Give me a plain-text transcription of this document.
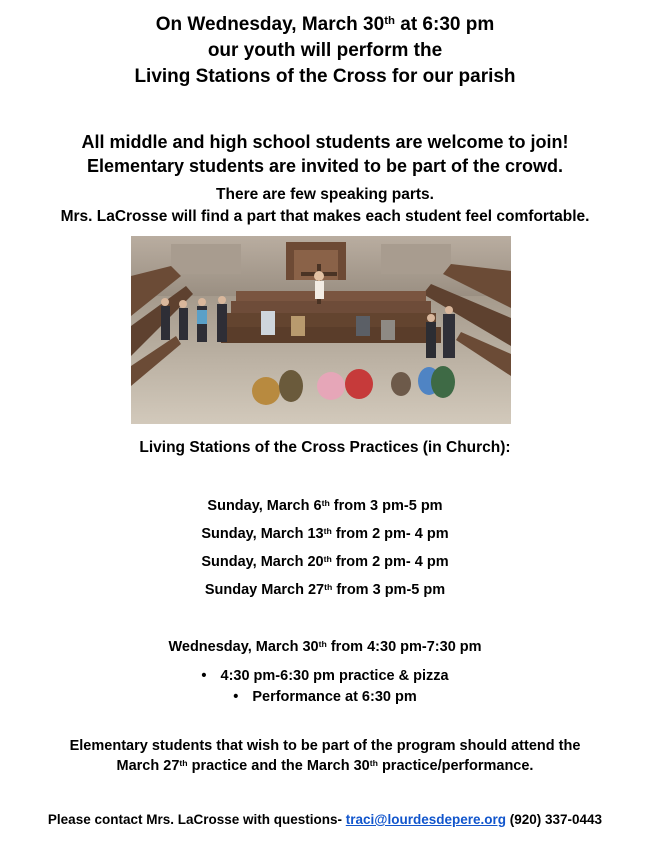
On Wednesday, March 30th at 6:30 pm
our youth will perform the
Living Stations of the Cross for our parish
All middle and high school students are welcome to join!
Elementary students are invited to be part of the crowd.
There are few speaking parts.
Mrs. LaCrosse will find a part that makes each student feel comfortable.
Living Stations of the Cross Practices (in Church):
Sunday, March 6th from 3 pm-5 pm
Sunday, March 13th from 2 pm- 4 pm
Sunday, March 20th from 2 pm- 4 pm
Sunday March 27th from 3 pm-5 pm
Wednesday, March 30th from 4:30 pm-7:30 pm
• 4:30 pm-6:30 pm practice & pizza
• Performance at 6:30 pm
Elementary students that wish to be part of the program should attend the
March 27th practice and the March 30th practice/performance.
Please contact Mrs. LaCrosse with questions- traci@lourdesdepere.org (920) 337-0443
